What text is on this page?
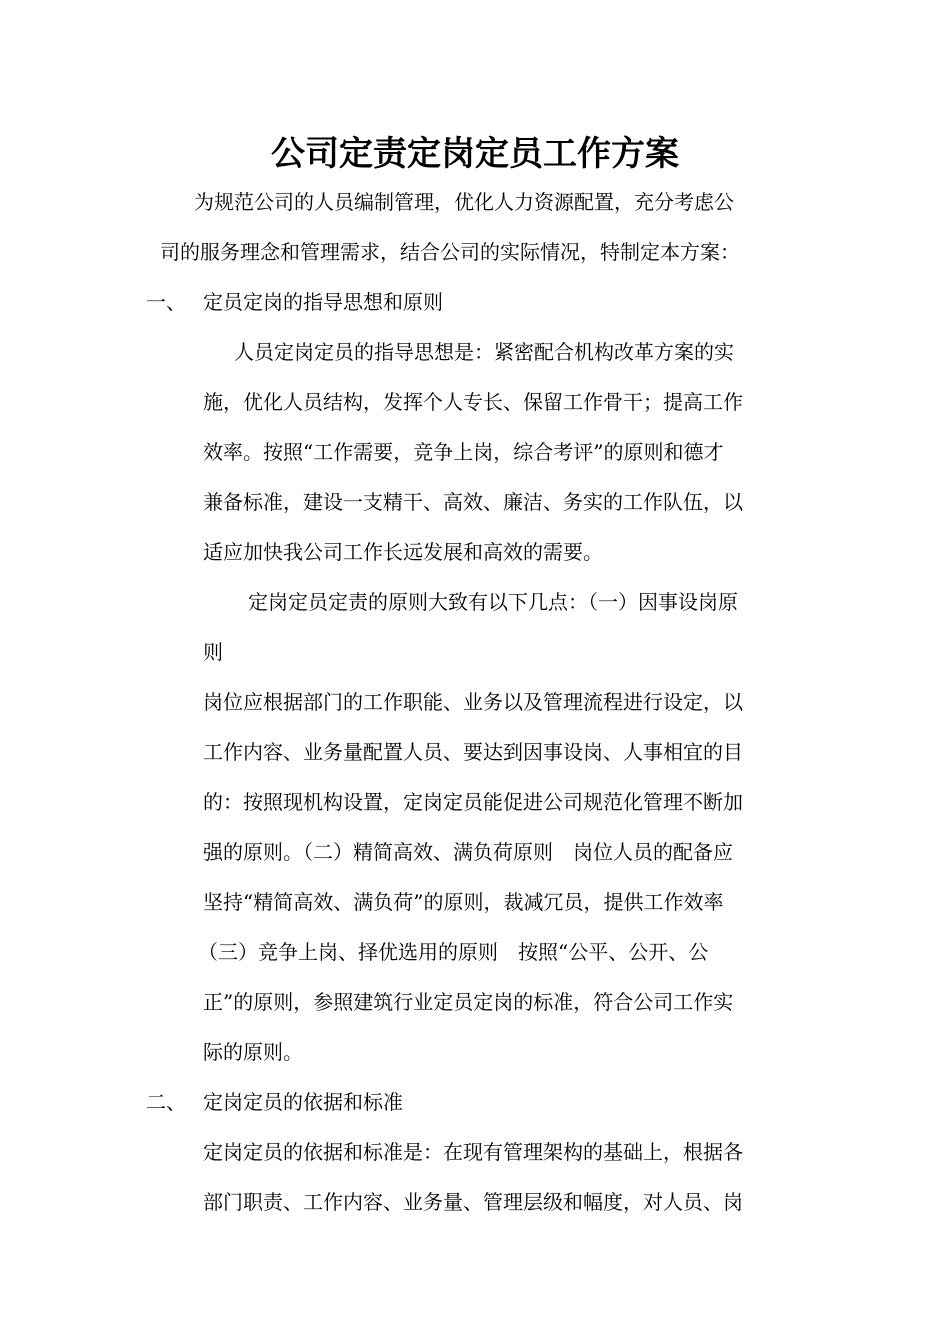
公司定责定岗定员工作方案
为规范公司的人员编制管理，优化人力资源配置，充分考虑公
司的服务理念和管理需求，结合公司的实际情况，特制定本方案：
一、 定员定岗的指导思想和原则
人员定岗定员的指导思想是：紧密配合机构改革方案的实
施，优化人员结构，发挥个人专长、保留工作骨干；提高工作
效率。按照“工作需要，竞争上岗，综合考评”的原则和德才
兼备标准，建设一支精干、高效、廉洁、务实的工作队伍，以
适应加快我公司工作长远发展和高效的需要。
定岗定员定责的原则大致有以下几点：（一）因事设岗原
则
岗位应根据部门的工作职能、业务以及管理流程进行设定，以
工作内容、业务量配置人员、要达到因事设岗、人事相宜的目
的：按照现机构设置，定岗定员能促进公司规范化管理不断加
强的原则。（二）精简高效、满负荷原则　岗位人员的配备应
坚持“精简高效、满负荷”的原则，裁减冗员，提供工作效率
（三）竞争上岗、择优选用的原则　按照“公平、公开、公
正”的原则，参照建筑行业定员定岗的标准，符合公司工作实
际的原则。
二、 定岗定员的依据和标准
定岗定员的依据和标准是：在现有管理架构的基础上，根据各
部门职责、工作内容、业务量、管理层级和幅度，对人员、岗
